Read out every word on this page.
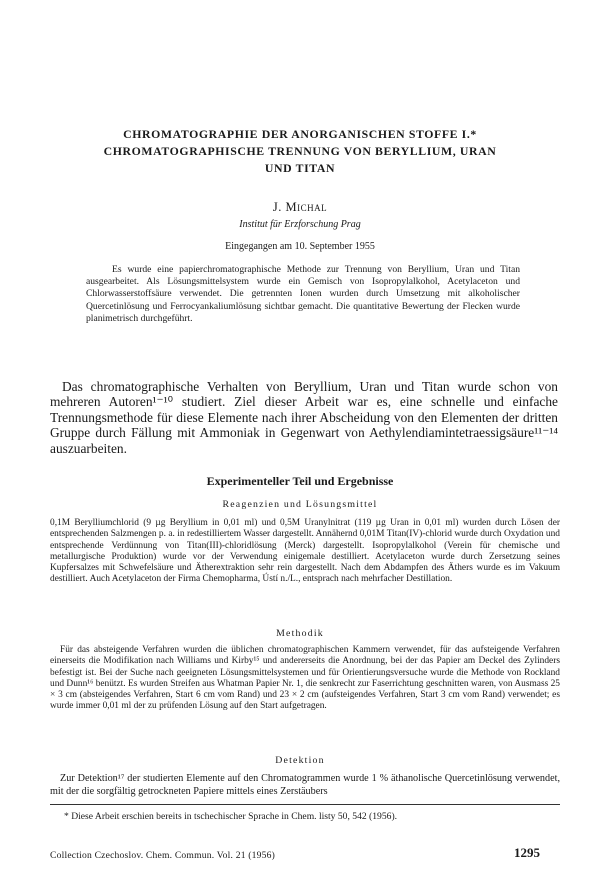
CHROMATOGRAPHIE DER ANORGANISCHEN STOFFE I.*
CHROMATOGRAPHISCHE TRENNUNG VON BERYLLIUM, URAN
UND TITAN
J. Michal
Institut für Erzforschung Prag
Eingegangen am 10. September 1955
Es wurde eine papierchromatographische Methode zur Trennung von Beryllium, Uran und Titan ausgearbeitet. Als Lösungsmittelsystem wurde ein Gemisch von Isopropylalkohol, Acetylaceton und Chlorwasserstoffsäure verwendet. Die getrennten Ionen wurden durch Umsetzung mit alkoholischer Quercetinlösung und Ferrocyankaliumlösung sichtbar gemacht. Die quantitative Bewertung der Flecken wurde planimetrisch durchgeführt.
Das chromatographische Verhalten von Beryllium, Uran und Titan wurde schon von mehreren Autoren¹⁻¹⁰ studiert. Ziel dieser Arbeit war es, eine schnelle und einfache Trennungsmethode für diese Elemente nach ihrer Abscheidung von den Elementen der dritten Gruppe durch Fällung mit Ammoniak in Gegenwart von Aethylendiamintetraessigsäure¹¹⁻¹⁴ auszuarbeiten.
Experimenteller Teil und Ergebnisse
Reagenzien und Lösungsmittel
0,1M Berylliumchlorid (9 µg Beryllium in 0,01 ml) und 0,5M Uranylnitrat (119 µg Uran in 0,01 ml) wurden durch Lösen der entsprechenden Salzmengen p. a. in redestilliertem Wasser dargestellt. Annähernd 0,01M Titan(IV)-chlorid wurde durch Oxydation und entsprechende Verdünnung von Titan(III)-chloridlösung (Merck) dargestellt. Isopropylalkohol (Verein für chemische und metallurgische Produktion) wurde vor der Verwendung einigemale destilliert. Acetylaceton wurde durch Zersetzung seines Kupfersalzes mit Schwefelsäure und Ätherextraktion sehr rein dargestellt. Nach dem Abdampfen des Äthers wurde es im Vakuum destilliert. Auch Acetylaceton der Firma Chemopharma, Ústí n./L., entsprach nach mehrfacher Destillation.
Methodik
Für das absteigende Verfahren wurden die üblichen chromatographischen Kammern verwendet, für das aufsteigende Verfahren einerseits die Modifikation nach Williams und Kirby¹⁵ und andererseits die Anordnung, bei der das Papier am Deckel des Zylinders befestigt ist. Bei der Suche nach geeigneten Lösungsmittelsystemen und für Orientierungsversuche wurde die Methode von Rockland und Dunn¹⁶ benützt. Es wurden Streifen aus Whatman Papier Nr. 1, die senkrecht zur Faserrichtung geschnitten waren, von Ausmass 25 × 3 cm (absteigendes Verfahren, Start 6 cm vom Rand) und 23 × 2 cm (aufsteigendes Verfahren, Start 3 cm vom Rand) verwendet; es wurde immer 0,01 ml der zu prüfenden Lösung auf den Start aufgetragen.
Detektion
Zur Detektion¹⁷ der studierten Elemente auf den Chromatogrammen wurde 1 % äthanolische Quercetinlösung verwendet, mit der die sorgfältig getrockneten Papiere mittels eines Zerstäubers
* Diese Arbeit erschien bereits in tschechischer Sprache in Chem. listy 50, 542 (1956).
Collection Czechoslov. Chem. Commun. Vol. 21 (1956)	1295
